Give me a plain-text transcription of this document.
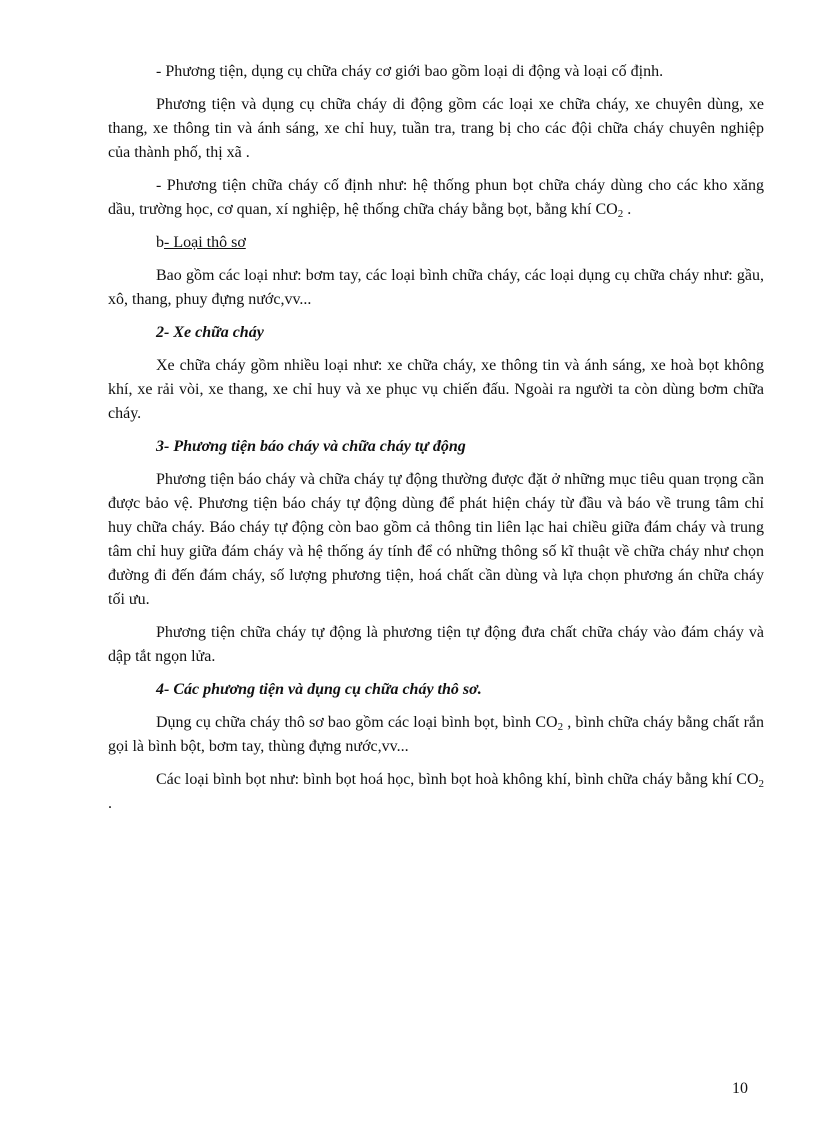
- Phương tiện, dụng cụ chữa cháy cơ giới bao gồm loại di động và loại cố định.

Phương tiện và dụng cụ chữa cháy di động gồm các loại xe chữa cháy, xe chuyên dùng, xe thang, xe thông tin và ánh sáng, xe chỉ huy, tuần tra, trang bị cho các đội chữa cháy chuyên nghiệp của thành phố, thị xã .

- Phương tiện chữa cháy cố định như: hệ thống phun bọt chữa cháy dùng cho các kho xăng dầu, trường học, cơ quan, xí nghiệp, hệ thống chữa cháy bằng bọt, bằng khí $CO_2$ .

b- Loại thô sơ

Bao gồm các loại như: bơm tay, các loại bình chữa cháy, các loại dụng cụ chữa cháy như: gầu, xô, thang, phuy đựng nước,vv...

2- Xe chữa cháy

Xe chữa cháy gồm nhiều loại như: xe chữa cháy, xe thông tin và ánh sáng, xe hoà bọt không khí, xe rải vòi, xe thang, xe chỉ huy và xe phục vụ chiến đấu. Ngoài ra người ta còn dùng bơm chữa cháy.

3- Phương tiện báo cháy và chữa cháy tự động

Phương tiện báo cháy và chữa cháy tự động thường được đặt ở những mục tiêu quan trọng cần được bảo vệ. Phương tiện báo cháy tự động dùng để phát hiện cháy từ đầu và báo về trung tâm chỉ huy chữa cháy. Báo cháy tự động còn bao gồm cả thông tin liên lạc hai chiều giữa đám cháy và trung tâm chỉ huy giữa đám cháy và hệ thống áy tính để có những thông số kĩ thuật về chữa cháy như chọn đường đi đến đám cháy, số lượng phương tiện, hoá chất cần dùng và lựa chọn phương án chữa cháy tối ưu.

Phương tiện chữa cháy tự động là phương tiện tự động đưa chất chữa cháy vào đám cháy và dập tắt ngọn lửa.

4- Các phương tiện và dụng cụ chữa cháy thô sơ.

Dụng cụ chữa cháy thô sơ bao gồm các loại bình bọt, bình $CO_2$ , bình chữa cháy bằng chất rắn gọi là bình bột, bơm tay, thùng đựng nước,vv...

Các loại bình bọt như: bình bọt hoá học, bình bọt hoà không khí, bình chữa cháy bằng khí $CO_2$ .

10
